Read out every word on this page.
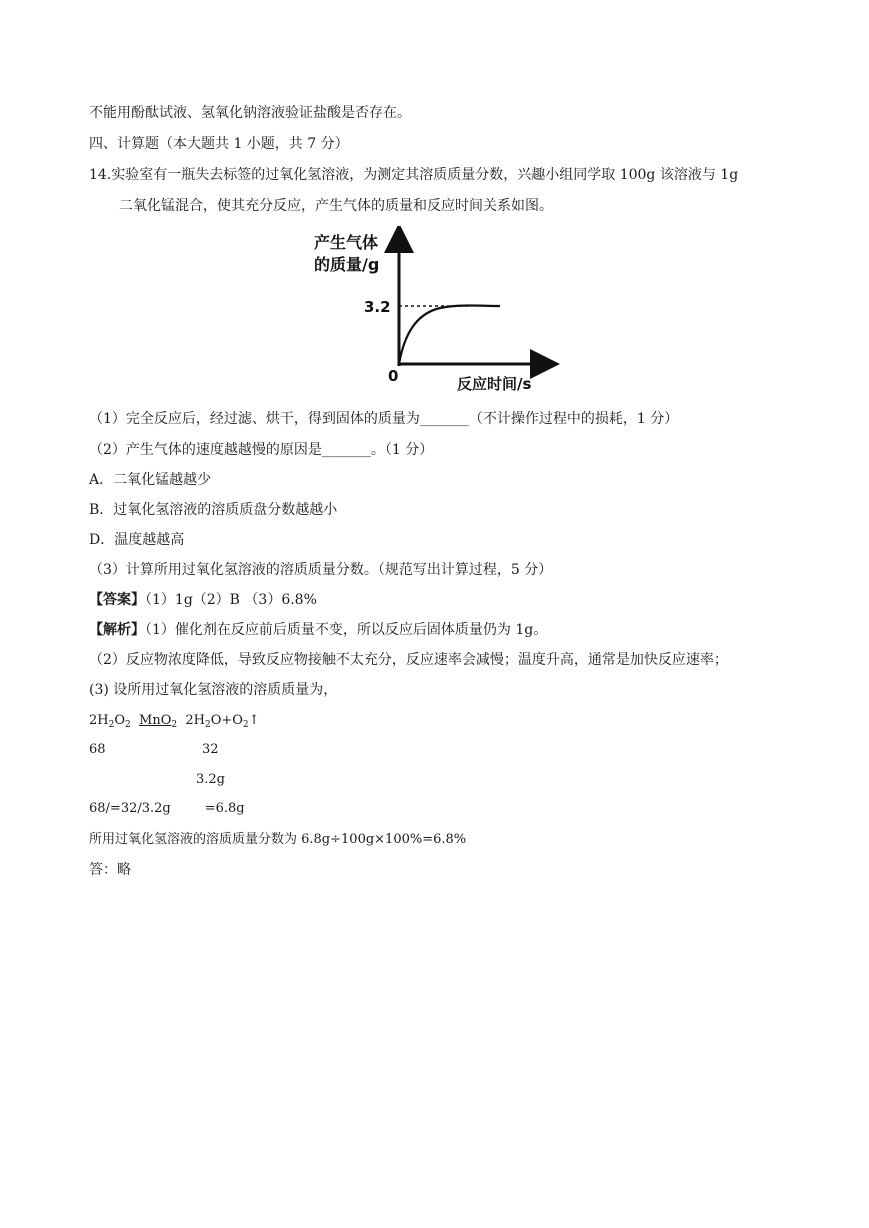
不能用酚酞试液、氢氧化钠溶液验证盐酸是否存在。
四、计算题（本大题共 1 小题，共 7 分）
14.实验室有一瓶失去标签的过氧化氢溶液，为测定其溶质质量分数，兴趣小组同学取 100g 该溶液与 1g
二氧化锰混合，使其充分反应，产生气体的质量和反应时间关系如图。
产生气体
的质量/g
3.2
0	反应时间/s
（1）完全反应后，经过滤、烘干，得到固体的质量为_______（不计操作过程中的损耗，1 分）
（2）产生气体的速度越越慢的原因是_______。（1 分）
A．二氧化锰越越少
B．过氧化氢溶液的溶质质盘分数越越小
D．温度越越高
（3）计算所用过氧化氢溶液的溶质质量分数。（规范写出计算过程，5 分）
【答案】（1）1g（2）B （3）6.8%
【解析】（1）催化剂在反应前后质量不变，所以反应后固体质量仍为 1g。
（2）反应物浓度降低，导致反应物接触不太充分，反应速率会减慢；温度升高，通常是加快反应速率；
(3) 设所用过氧化氢溶液的溶质质量为，
$2H_2O_2$ MnO$_2$ $2H_2O+O_2↑$
68	32
3.2g
68/=32/3.2g	=6.8g
所用过氧化氢溶液的溶质质量分数为 6.8g÷100g×100%=6.8%
答：略
